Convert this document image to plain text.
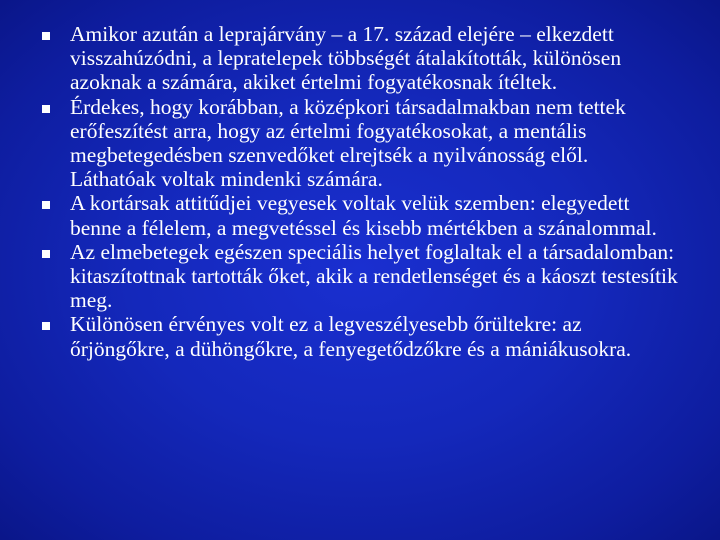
Amikor azután a leprajárvány – a 17. század elejére – elkezdett visszahúzódni, a lepratelepek többségét átalakították, különösen azoknak a számára, akiket értelmi fogyatékosnak ítéltek.
Érdekes, hogy korábban, a középkori társadalmakban nem tettek erőfeszítést arra, hogy az értelmi fogyatékosokat, a mentális megbetegedésben szenvedőket elrejtsék a nyilvánosság elől. Láthatóak voltak mindenki számára.
A kortársak attitűdjei vegyesek voltak velük szemben: elegyedett benne a félelem, a megvetéssel és kisebb mértékben a szánalommal.
Az elmebetegek egészen speciális helyet foglaltak el a társadalomban: kitaszítottnak tartották őket, akik a rendetlenséget és a káoszt testesítik meg.
Különösen érvényes volt ez a legveszélyesebb őrültekre: az őrjöngőkre, a dühöngőkre, a fenyegetődzőkre és a mániákusokra.
